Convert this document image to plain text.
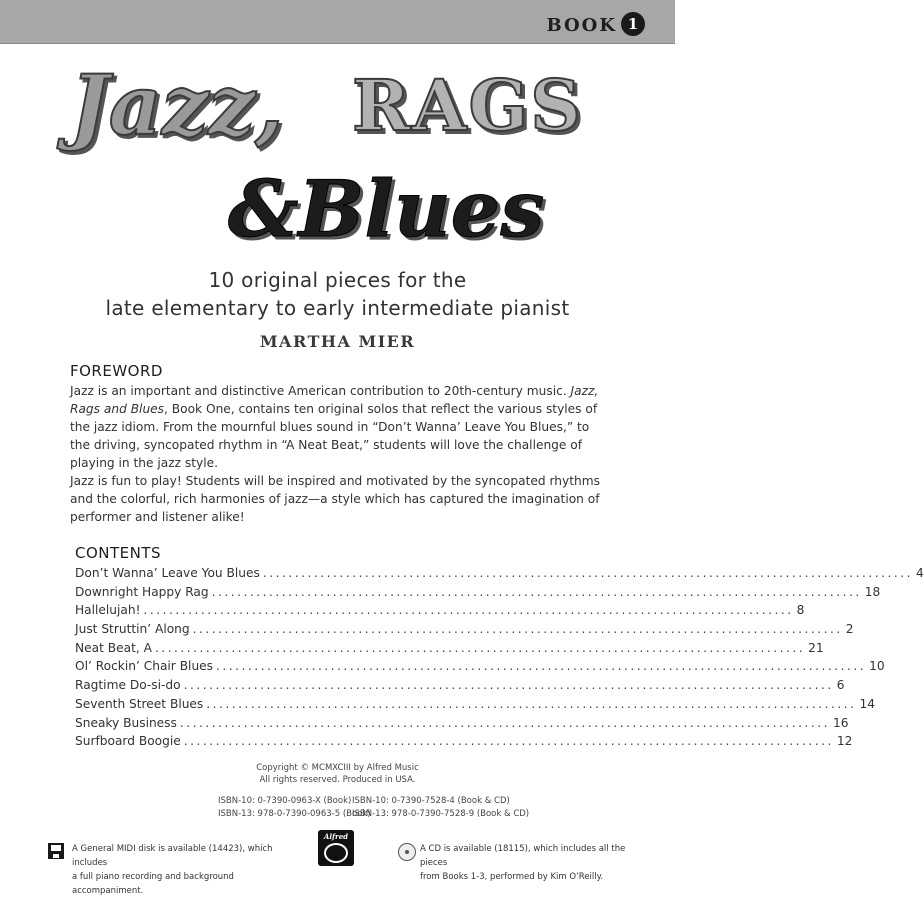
BOOK 1
Jazz, RAGS
&Blues
10 original pieces for the
late elementary to early intermediate pianist
MARTHA MIER
FOREWORD

Jazz is an important and distinctive American contribution to 20th-century music. Jazz, Rags and Blues, Book One, contains ten original solos that reflect the various styles of the jazz idiom. From the mournful blues sound in “Don’t Wanna’ Leave You Blues,” to the driving, syncopated rhythm in “A Neat Beat,” students will love the challenge of playing in the jazz style.

Jazz is fun to play! Students will be inspired and motivated by the syncopated rhythms and the colorful, rich harmonies of jazz—a style which has captured the imagination of performer and listener alike!

CONTENTS
Don’t Wanna’ Leave You Blues ...................................................................................................... 4
Downright Happy Rag ...................................................................................................... 18
Hallelujah! ...................................................................................................... 8
Just Struttin’ Along ...................................................................................................... 2
Neat Beat, A ...................................................................................................... 21
Ol’ Rockin’ Chair Blues ...................................................................................................... 10
Ragtime Do-si-do ...................................................................................................... 6
Seventh Street Blues ...................................................................................................... 14
Sneaky Business ...................................................................................................... 16
Surfboard Boogie ...................................................................................................... 12
Copyright © MCMXCIII by Alfred Music
All rights reserved. Produced in USA.
ISBN-10: 0-7390-0963-X (Book)
ISBN-13: 978-0-7390-0963-5 (Book)
ISBN-10: 0-7390-7528-4 (Book & CD)
ISBN-13: 978-0-7390-7528-9 (Book & CD)
A General MIDI disk is available (14423), which includes
a full piano recording and background accompaniment.
Alfred
A CD is available (18115), which includes all the pieces
from Books 1-3, performed by Kim O’Reilly.
